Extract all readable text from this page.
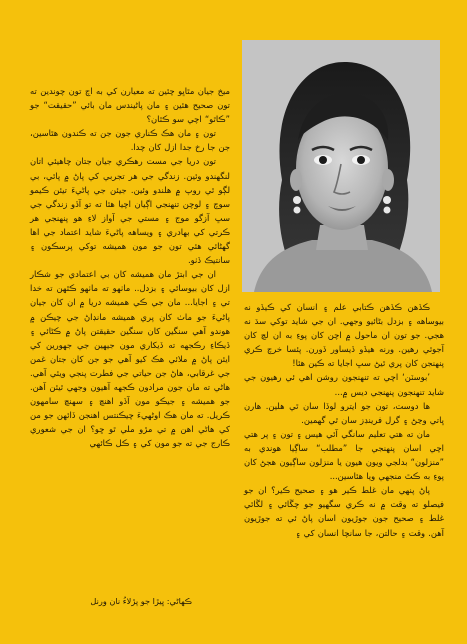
ميخ جيان مٿاڀو چئين ته معيارن کي به اچ تون چوندين ته تون صحيح هئين ۽ مان پاڻيندس مان بائي ”حقيقت“ جو ”ڪاٿو“ اچي سو ڪٿان؟

تون ۽ مان هڪ ڪناري جون جن ته ڪندون هٿاسين، جن جا رخ جدا ازل کان چدا.

تون دريا جي مست رهڪري جيان جتان چاهيئي اتان لنگهندو وئين. زندگي جي هر تجربي کي پاڻ ۾ پائي، بي لڳو ٿي روپ ۾ هلندو وئين. جيئن جي پاڻيءَ تيئن ڪيمو سوچ ۽ لوچن تنهنجي اڳيان اچيا هئا ته تو آڏو زندگي جي سڀ آزگو موج ۽ مستي جي آواز لاءِ هو پنهنجي هر ڪرتي کي بهادري ۽ ويساهه پاڻيءَ شايد اعتماد جي اها گهڻائي هئي تون جو مون هميشه توکي پرسڪون ۽ سانتيڪ ڏٺو.

ان جي ابتڙ مان هميشه کان بي اعتمادي جو شڪار ازل کان بيوسائي ۽ بزدل.. ماٺھو ته ماٺھو ڪٿهن ته خدا تي ۽ اجايا... مان جي ڪي هميشه دريا ۾ ان کان جيان پاڻيءَ جو ماٺ کان پري هميشه مانڊاڻ جي چيڪن ۾ هوندو آهي سنگين کان سنگين حقيقتن پاڻ ۾ ڪڻائي ۽ ڏيڪاءِ رڪجهه ته ڏيکاري مون جيهين جي جهورين کي ايئن پاڻ ۾ ملائي هڪ کيو آهي جو جن کان جتان غمن جي غرقابي، هاڻ جن حياتي جي فطرت پنجي ويئي آهي. هاڻي ته مان جون مرادون ڪجهه آهيون وجهي ٿيئن آهن. جو هميشه ۽ جيڪو مون آڏو اهنچ ۽ سهنچ سامهون ڪريل. ته مان هڪ اوڻهيءَ چيڪنتس اهنجن ڏائهن جو من کي هاڻي اهن ۾ تي مڙو ملي ٿو ڇو؟ ان جي شعوري ڪارج جي ته جو مون کي ۽ ڪل ڪائهي

ڪڏهن ڪڏهن ڪتابي علم ۽ انسان کي ڪيڏو نه بيوساهه ۽ بزدل بڻائيو وجهي. ان جي شايد توکي سڌ نه هجي. جو تون ان ماحول ۾ اچن کان پوءِ به ان لچ کان آجوئي رهين. ورنه هيڏو ڏيساور ڏورن. پئسا خرچ ڪري پنهنجن کان پري ٿيڻ سڀ اجايا ته ڪين هئا!

’بوسٽن‘ اچي ته تنهنجون روشن اهي ئي رهيون جي شايد تنهنجون پنهنجي ديس ۾...

ها دوست، تون جو ايترو لوڏا سان ٿي هلين. هارن ڀاتي وڃڻ ۽ گرل فرينڊز سان ٿي گهمين.

مان ته هتي تعليم سانگي آئي هيس ۽ تون ۽ پر هتي اچي اسان پنهنجي جا ”مطلب“ ساڳيا هوندي به ”منزلون“ بدلجي ويون هيون يا منزلون ساڳيون هجڻ کان پوءِ به ڪٿ منجهي ويا هئاسين...

پاڻ پنهي مان غلط ڪير هو ۽ صحيح ڪير؟ ان جو فيصلو ته وقت ۾ نه ڪري سگهيو جو چڱائي ۽ لڱائي غلط ۽ صحيح جون جوڙيون اسان پاڻ ئي ته جوڙيون آهن. وقت ۽ حالتن، جا سانچا انسان کي ۽

ڪهاڻي: ڀيڙا جو پڙلاءُ نان ورنل
